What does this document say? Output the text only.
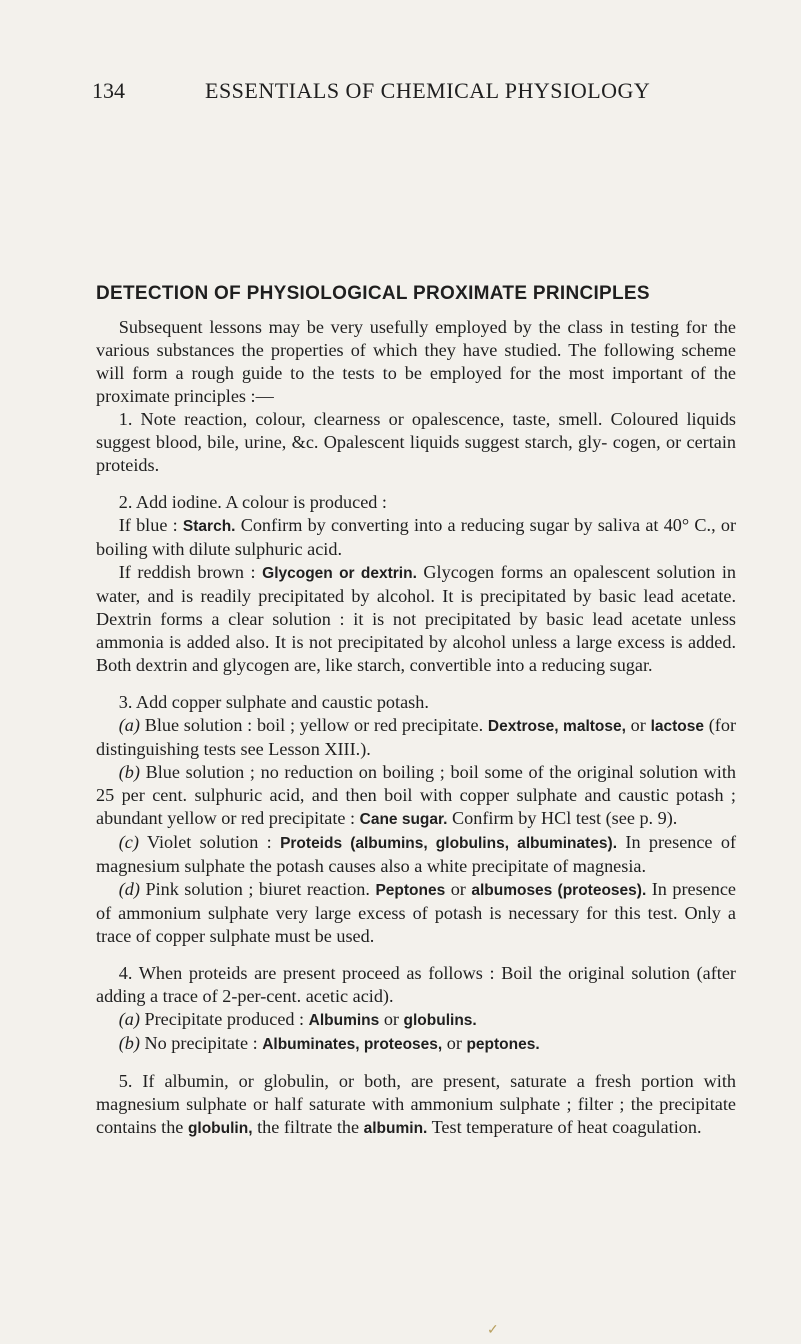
134	ESSENTIALS OF CHEMICAL PHYSIOLOGY
DETECTION OF PHYSIOLOGICAL PROXIMATE PRINCIPLES

Subsequent lessons may be very usefully employed by the class in testing for the various substances the properties of which they have studied. The following scheme will form a rough guide to the tests to be employed for the most important of the proximate principles :—

1. Note reaction, colour, clearness or opalescence, taste, smell. Coloured liquids suggest blood, bile, urine, &c. Opalescent liquids suggest starch, gly- cogen, or certain proteids.

2. Add iodine. A colour is produced :

If blue : Starch. Confirm by converting into a reducing sugar by saliva at 40° C., or boiling with dilute sulphuric acid.

If reddish brown : Glycogen or dextrin. Glycogen forms an opalescent solution in water, and is readily precipitated by alcohol. It is precipitated by basic lead acetate. Dextrin forms a clear solution : it is not precipitated by basic lead acetate unless ammonia is added also. It is not precipitated by alcohol unless a large excess is added. Both dextrin and glycogen are, like starch, convertible into a reducing sugar.

3. Add copper sulphate and caustic potash.

(a) Blue solution : boil ; yellow or red precipitate. Dextrose, maltose, or lactose (for distinguishing tests see Lesson XIII.).

(b) Blue solution ; no reduction on boiling ; boil some of the original solution with 25 per cent. sulphuric acid, and then boil with copper sulphate and caustic potash ; abundant yellow or red precipitate : Cane sugar. Confirm by HCl test (see p. 9).

(c) Violet solution : Proteids (albumins, globulins, albuminates). In presence of magnesium sulphate the potash causes also a white precipitate of magnesia.

(d) Pink solution ; biuret reaction. Peptones or albumoses (proteoses). In presence of ammonium sulphate very large excess of potash is necessary for this test. Only a trace of copper sulphate must be used.

4. When proteids are present proceed as follows : Boil the original solution (after adding a trace of 2-per-cent. acetic acid).

(a) Precipitate produced : Albumins or globulins.

(b) No precipitate : Albuminates, proteoses, or peptones.

5. If albumin, or globulin, or both, are present, saturate a fresh portion with magnesium sulphate or half saturate with ammonium sulphate ; filter ; the precipitate contains the globulin, the filtrate the albumin. Test temperature of heat coagulation.

✓
